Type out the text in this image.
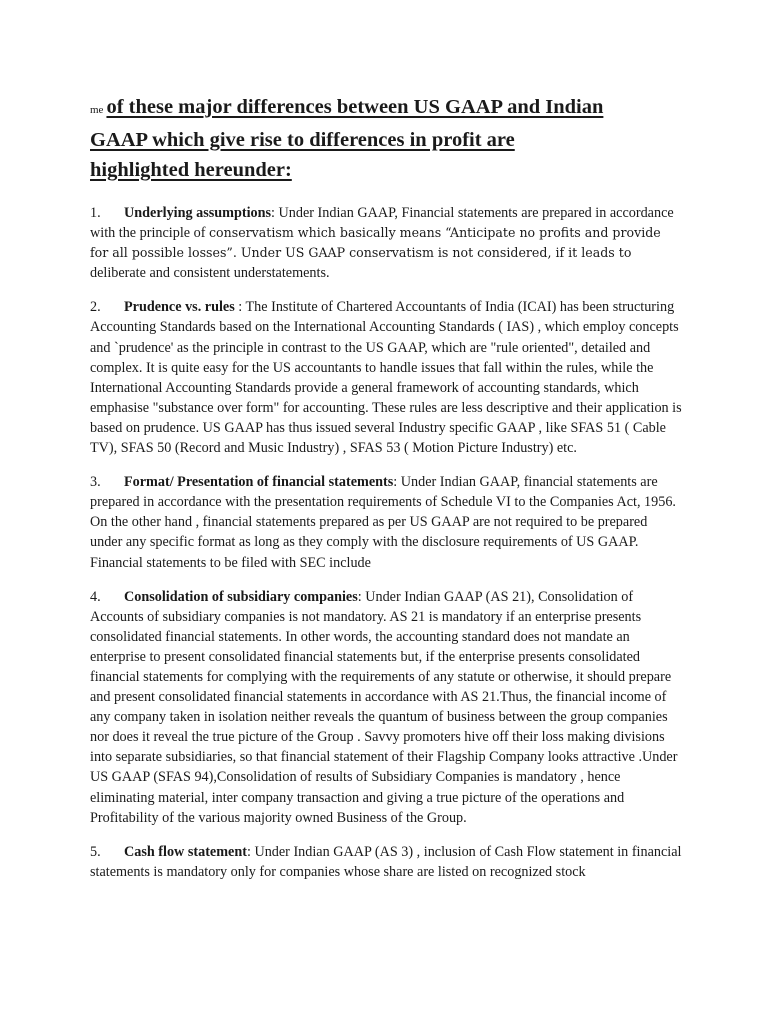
me of these major differences between US GAAP and Indian
GAAP which give rise to differences in profit are
highlighted hereunder:

1. Underlying assumptions: Under Indian GAAP, Financial statements are prepared in accordance with the principle of conservatism which basically means “Anticipate no profits and provide for all possible losses”. Under US GAAP conservatism is not considered, if it leads to deliberate and consistent understatements.

2. Prudence vs. rules : The Institute of Chartered Accountants of India (ICAI) has been structuring Accounting Standards based on the International Accounting Standards ( IAS) , which employ concepts and `prudence' as the principle in contrast to the US GAAP, which are "rule oriented", detailed and complex. It is quite easy for the US accountants to handle issues that fall within the rules, while the International Accounting Standards provide a general framework of accounting standards, which emphasise "substance over form" for accounting. These rules are less descriptive and their application is based on prudence. US GAAP has thus issued several Industry specific GAAP , like SFAS 51 ( Cable TV), SFAS 50 (Record and Music Industry) , SFAS 53 ( Motion Picture Industry) etc.

3. Format/ Presentation of financial statements: Under Indian GAAP, financial statements are prepared in accordance with the presentation requirements of Schedule VI to the Companies Act, 1956. On the other hand , financial statements prepared as per US GAAP are not required to be prepared under any specific format as long as they comply with the disclosure requirements of US GAAP. Financial statements to be filed with SEC include

4. Consolidation of subsidiary companies: Under Indian GAAP (AS 21), Consolidation of Accounts of subsidiary companies is not mandatory. AS 21 is mandatory if an enterprise presents consolidated financial statements. In other words, the accounting standard does not mandate an enterprise to present consolidated financial statements but, if the enterprise presents consolidated financial statements for complying with the requirements of any statute or otherwise, it should prepare and present consolidated financial statements in accordance with AS 21.Thus, the financial income of any company taken in isolation neither reveals the quantum of business between the group companies nor does it reveal the true picture of the Group . Savvy promoters hive off their loss making divisions into separate subsidiaries, so that financial statement of their Flagship Company looks attractive .Under US GAAP (SFAS 94),Consolidation of results of Subsidiary Companies is mandatory , hence eliminating material, inter company transaction and giving a true picture of the operations and Profitability of the various majority owned Business of the Group.

5. Cash flow statement: Under Indian GAAP (AS 3) , inclusion of Cash Flow statement in financial statements is mandatory only for companies whose share are listed on recognized stock
